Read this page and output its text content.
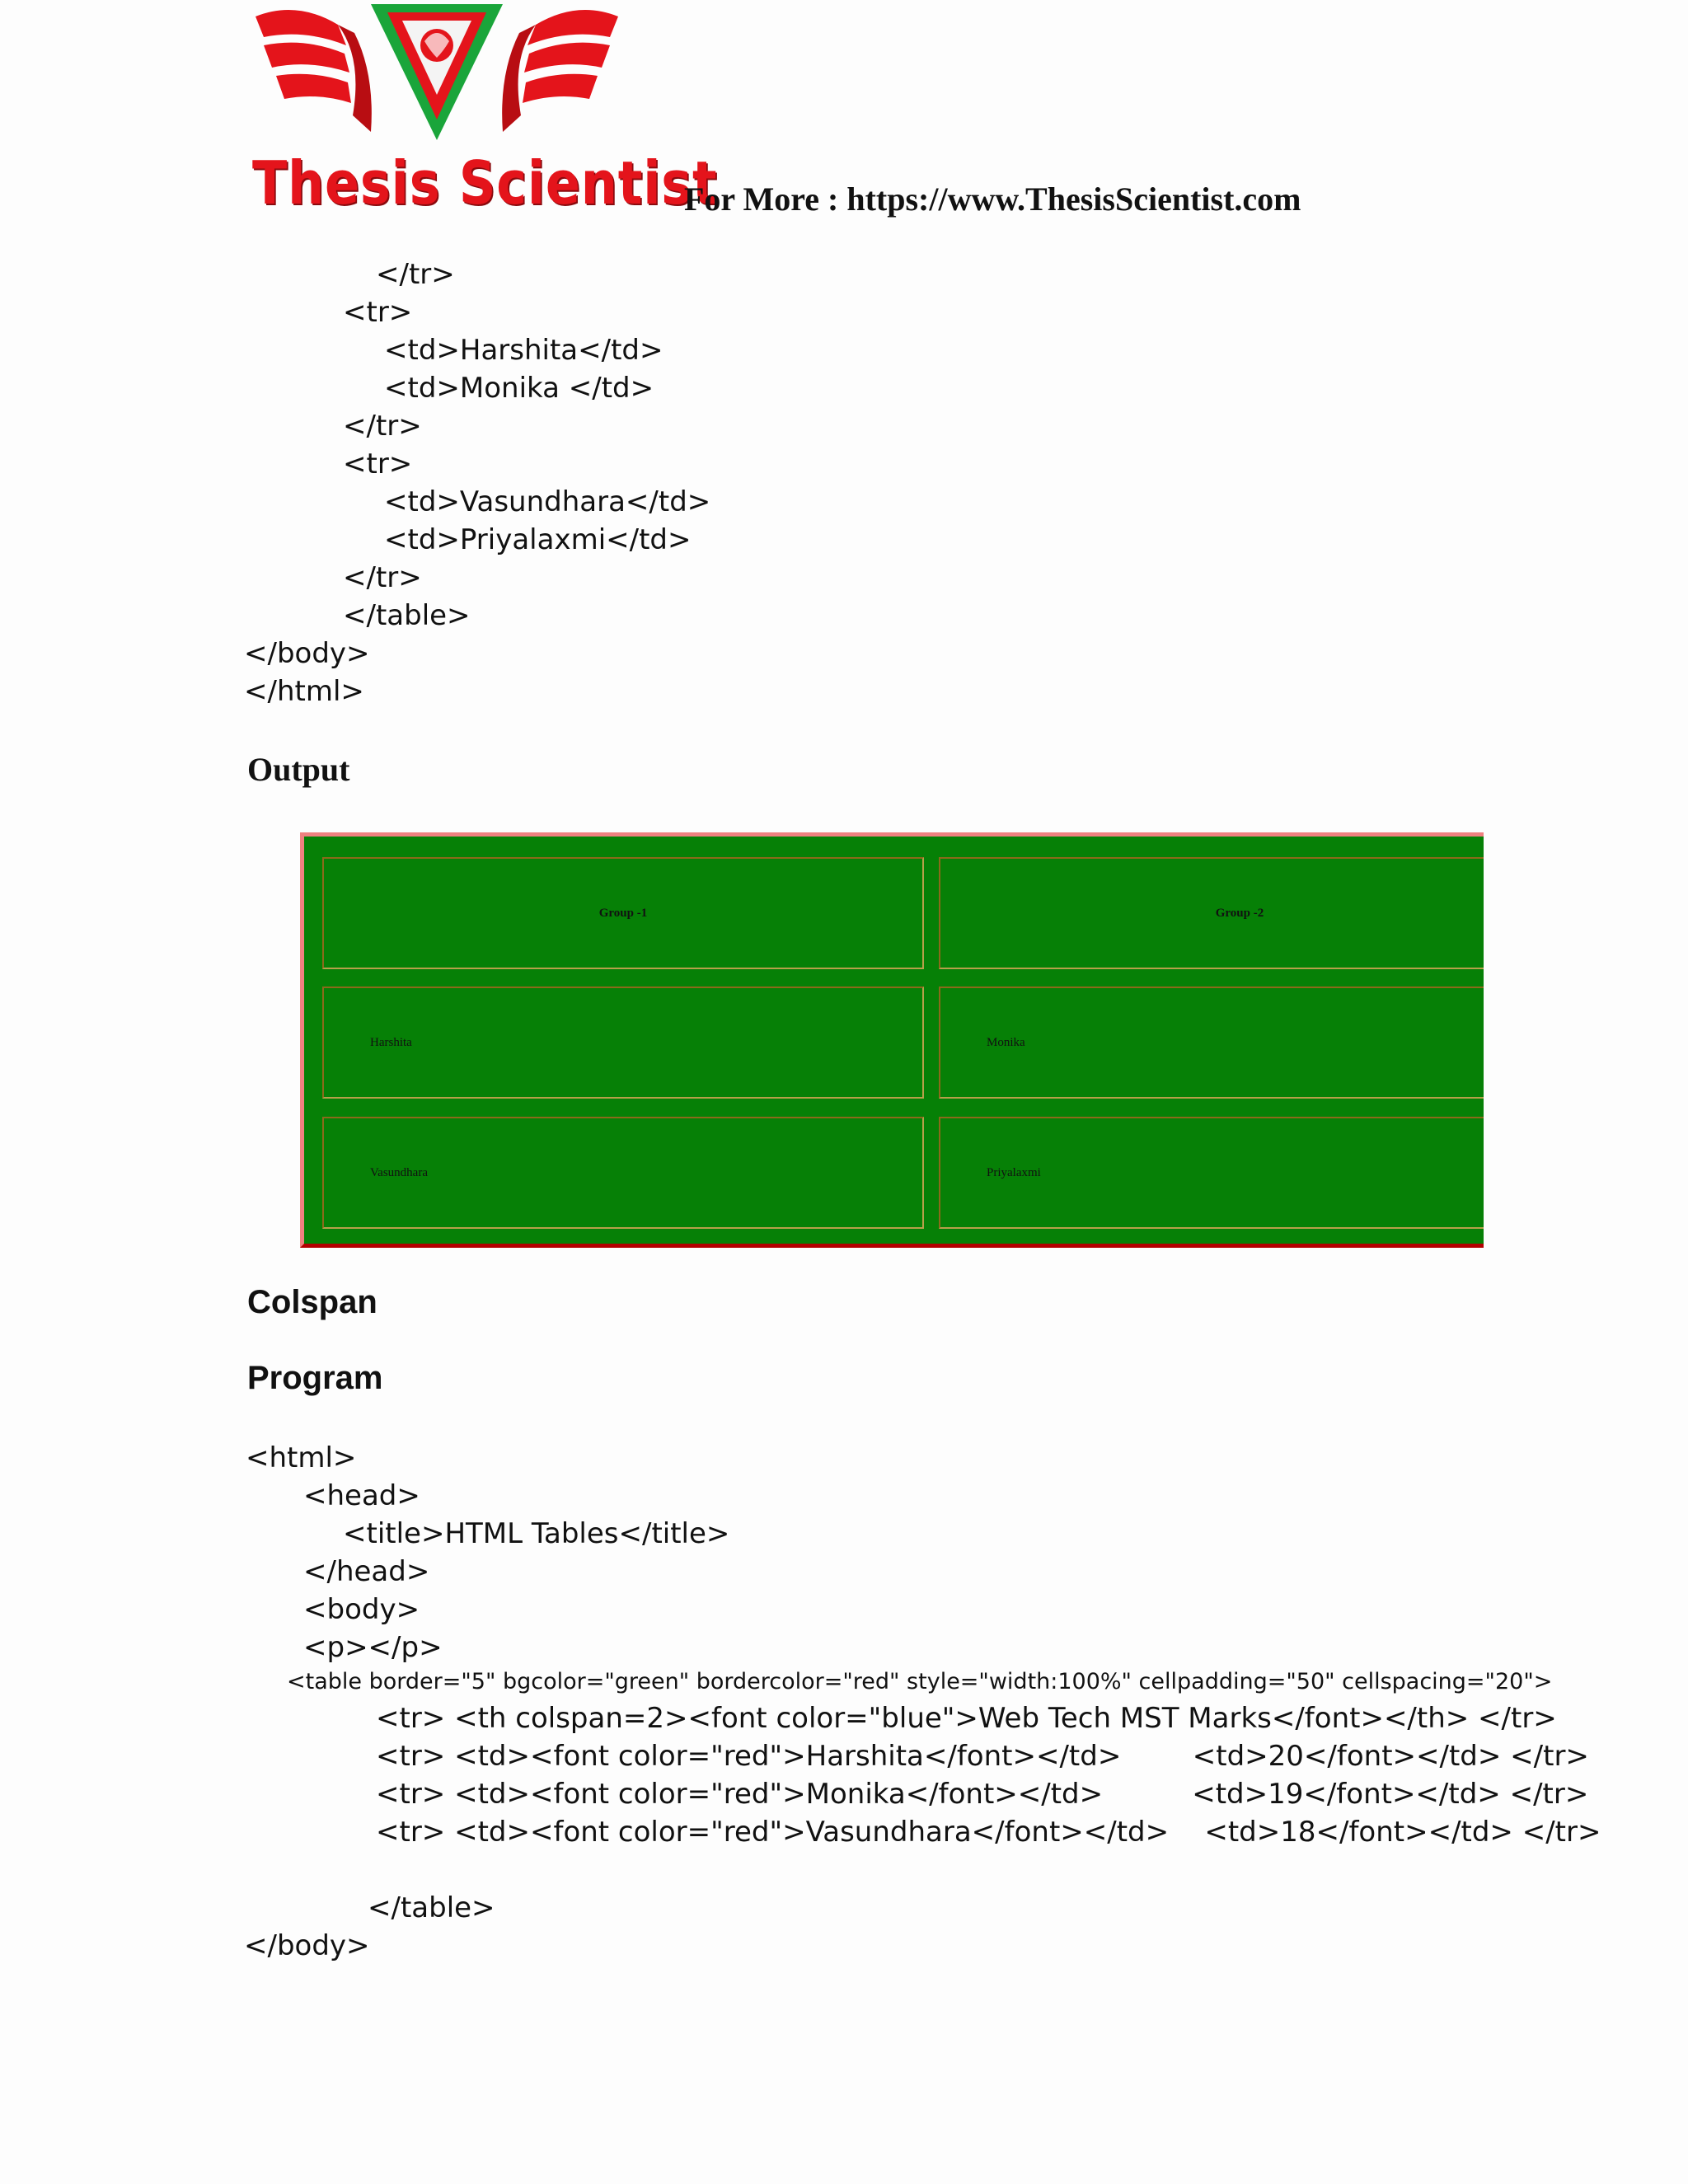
Thesis Scientist
For More : https://www.ThesisScientist.com
</tr>
<tr>
<td>Harshita</td>
<td>Monika </td>
</tr>
<tr>
<td>Vasundhara</td>
<td>Priyalaxmi</td>
</tr>
</table>
</body>
</html>
Output
Group -1	Group -2
Harshita	Monika
Vasundhara	Priyalaxmi
Colspan
Program
<html>
<head>
<title>HTML Tables</title>
</head>
<body>
<p></p>
<table border="5" bgcolor="green" bordercolor="red" style="width:100%" cellpadding="50" cellspacing="20">
<tr> <th colspan=2><font color="blue">Web Tech MST Marks</font></th> </tr>
<tr> <td><font color="red">Harshita</font></td>        <td>20</font></td> </tr>
<tr> <td><font color="red">Monika</font></td>          <td>19</font></td> </tr>
<tr> <td><font color="red">Vasundhara</font></td>    <td>18</font></td> </tr>
</table>
</body>
